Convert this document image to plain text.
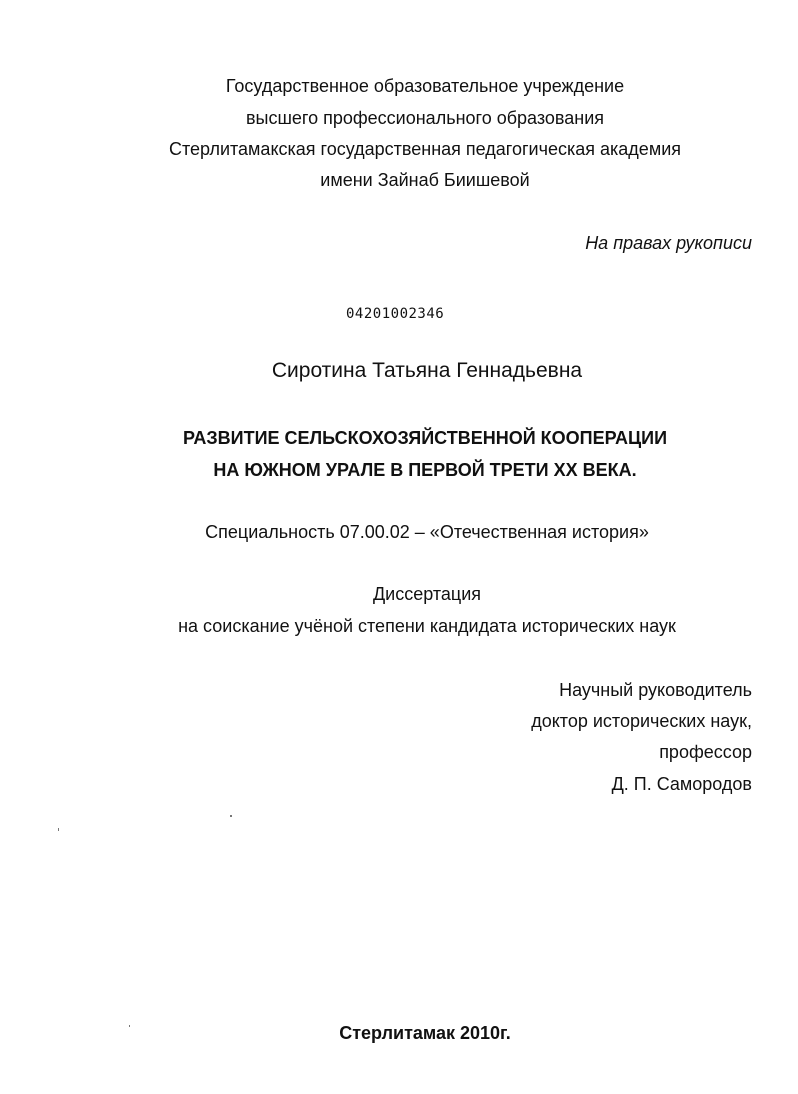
Государственное образовательное учреждение
высшего профессионального образования
Стерлитамакская государственная педагогическая академия
имени Зайнаб Биишевой
На правах рукописи
04201002346
Сиротина Татьяна Геннадьевна
РАЗВИТИЕ СЕЛЬСКОХОЗЯЙСТВЕННОЙ КООПЕРАЦИИ
НА ЮЖНОМ УРАЛЕ В ПЕРВОЙ ТРЕТИ XX ВЕКА.
Специальность 07.00.02 – «Отечественная история»
Диссертация
на соискание учёной степени кандидата исторических наук
Научный руководитель
доктор исторических наук,
профессор
Д. П. Самородов
Стерлитамак 2010г.
